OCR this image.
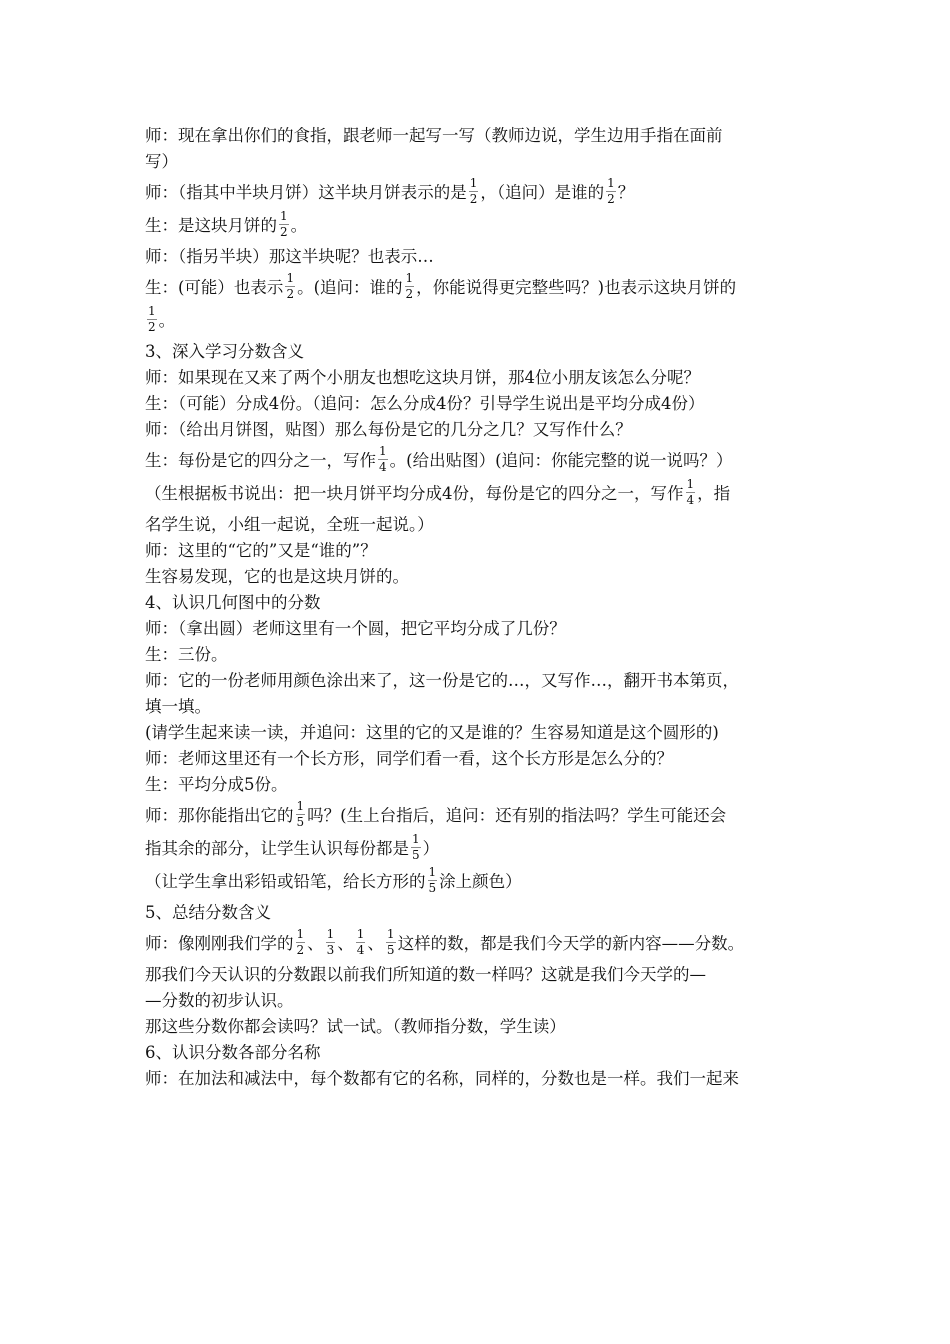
师：现在拿出你们的食指，跟老师一起写一写（教师边说，学生边用手指在面前
写）
师：（指其中半块月饼）这半块月饼表示的是 $\frac{1}{2}$ ，（追问）是谁的 $\frac{1}{2}$ ？
生：是这块月饼的 $\frac{1}{2}$ 。
师：（指另半块）那这半块呢？也表示…
生：(可能）也表示 $\frac{1}{2}$ 。(追问：谁的 $\frac{1}{2}$ ，你能说得更完整些吗？)也表示这块月饼的
$\frac{1}{2}$ 。
3、深入学习分数含义
师：如果现在又来了两个小朋友也想吃这块月饼，那4位小朋友该怎么分呢？
生：（可能）分成4份。（追问：怎么分成4份？引导学生说出是平均分成4份）
师：（给出月饼图，贴图）那么每份是它的几分之几？又写作什么？
生：每份是它的四分之一，写作 $\frac{1}{4}$ 。(给出贴图）(追问：你能完整的说一说吗？）
（生根据板书说出：把一块月饼平均分成4份，每份是它的四分之一，写作 $\frac{1}{4}$ ，指
名学生说，小组一起说，全班一起说。）
师：这里的“它的”又是“谁的”？
生容易发现，它的也是这块月饼的。
4、认识几何图中的分数
师：（拿出圆）老师这里有一个圆，把它平均分成了几份？
生：三份。
师：它的一份老师用颜色涂出来了，这一份是它的…，又写作…，翻开书本第页，
填一填。
(请学生起来读一读，并追问：这里的它的又是谁的？生容易知道是这个圆形的)
师：老师这里还有一个长方形，同学们看一看，这个长方形是怎么分的？
生：平均分成5份。
师：那你能指出它的 $\frac{1}{5}$ 吗？(生上台指后，追问：还有别的指法吗？学生可能还会
指其余的部分，让学生认识每份都是 $\frac{1}{5}$ ）
（让学生拿出彩铅或铅笔，给长方形的 $\frac{1}{5}$ 涂上颜色）
5、总结分数含义
师：像刚刚我们学的 $\frac{1}{2}$ 、 $\frac{1}{3}$ 、 $\frac{1}{4}$ 、 $\frac{1}{5}$ 这样的数，都是我们今天学的新内容——分数。
那我们今天认识的分数跟以前我们所知道的数一样吗？这就是我们今天学的—
—分数的初步认识。
那这些分数你都会读吗？试一试。（教师指分数，学生读）
6、认识分数各部分名称
师：在加法和减法中，每个数都有它的名称，同样的，分数也是一样。我们一起来
